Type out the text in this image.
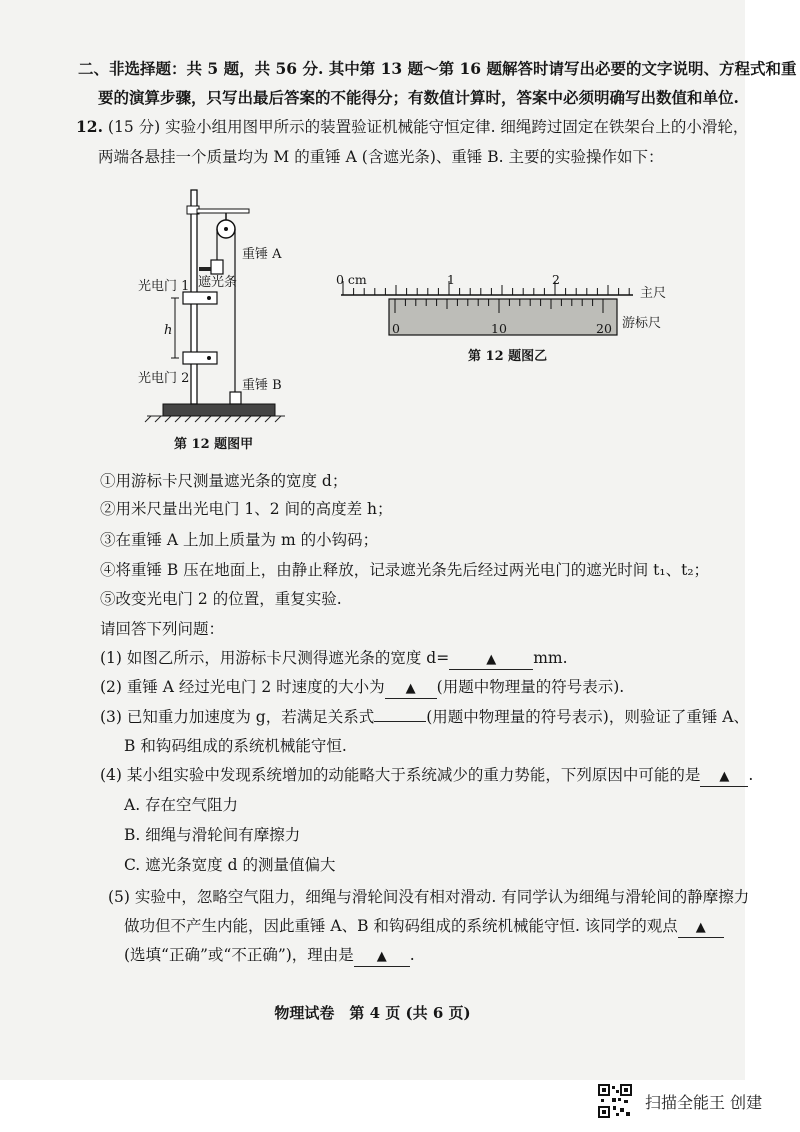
二、非选择题：共 5 题，共 56 分. 其中第 13 题～第 16 题解答时请写出必要的文字说明、方程式和重
要的演算步骤，只写出最后答案的不能得分；有数值计算时，答案中必须明确写出数值和单位.
12. (15 分) 实验小组用图甲所示的装置验证机械能守恒定律. 细绳跨过固定在铁架台上的小滑轮，
两端各悬挂一个质量均为 M 的重锤 A (含遮光条)、重锤 B. 主要的实验操作如下：
重锤 A
遮光条
光电门 1
h
光电门 2	重锤 B
第 12 题图甲
0 cm	1	2
主尺
0	10	20 游标尺
第 12 题图乙
①用游标卡尺测量遮光条的宽度 d；
②用米尺量出光电门 1、2 间的高度差 h；
③在重锤 A 上加上质量为 m 的小钩码；
④将重锤 B 压在地面上，由静止释放，记录遮光条先后经过两光电门的遮光时间 t₁、t₂；
⑤改变光电门 2 的位置，重复实验.
请回答下列问题：
(1) 如图乙所示，用游标卡尺测得遮光条的宽度 d=	▲ mm.
(2) 重锤 A 经过光电门 2 时速度的大小为 ▲ (用题中物理量的符号表示).
(3) 已知重力加速度为 g，若满足关系式	(用题中物理量的符号表示)，则验证了重锤 A、
B 和钩码组成的系统机械能守恒.
(4) 某小组实验中发现系统增加的动能略大于系统减少的重力势能，下列原因中可能的是 ▲ .
A. 存在空气阻力
B. 细绳与滑轮间有摩擦力
C. 遮光条宽度 d 的测量值偏大
(5) 实验中，忽略空气阻力，细绳与滑轮间没有相对滑动. 有同学认为细绳与滑轮间的静摩擦力
做功但不产生内能，因此重锤 A、B 和钩码组成的系统机械能守恒. 该同学的观点 ▲
(选填“正确”或“不正确”)，理由是 ▲ .
物理试卷　第 4 页 (共 6 页)
扫描全能王 创建
